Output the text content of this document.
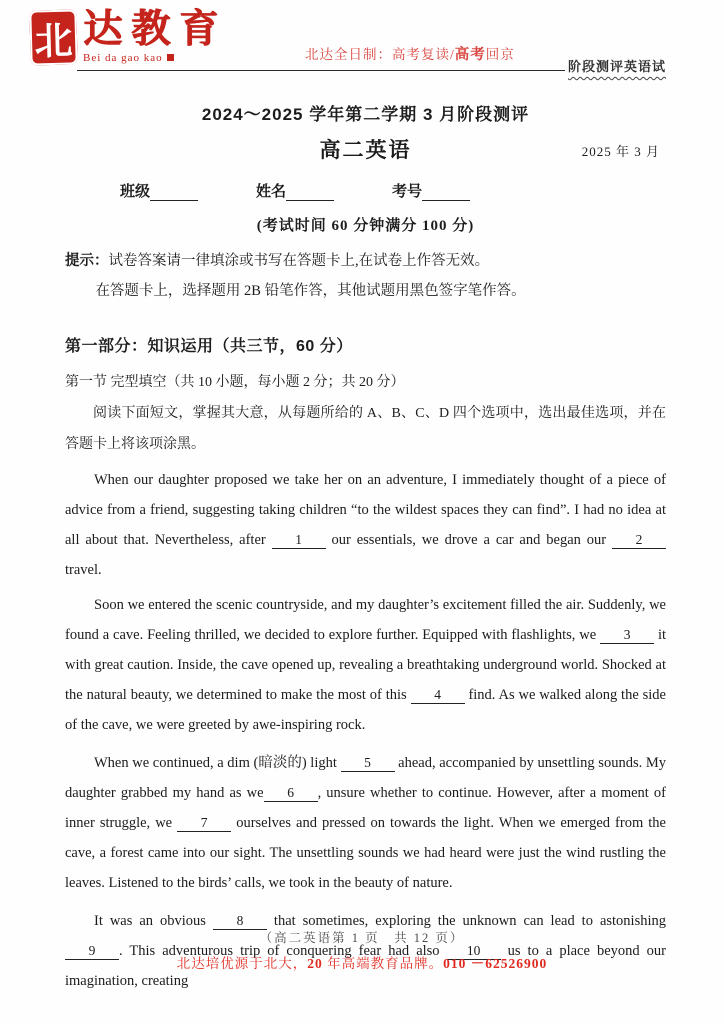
北 达教育
Bei da gao kao	北达全日制：高考复读/高考回京
阶段测评英语试
2024～2025 学年第二学期 3 月阶段测评
高二英语	2025 年 3 月
班级	姓名	考号
(考试时间 60 分钟满分 100 分)
提示：试卷答案请一律填涂或书写在答题卡上,在试卷上作答无效。
在答题卡上，选择题用 2B 铅笔作答，其他试题用黑色签字笔作答。
第一部分：知识运用（共三节，60 分）
第一节 完型填空（共 10 小题，每小题 2 分；共 20 分）
阅读下面短文，掌握其大意，从每题所给的 A、B、C、D 四个选项中，选出最佳选项，并在答题卡上将该项涂黑。

When our daughter proposed we take her on an adventure, I immediately thought of a piece of advice from a friend, suggesting taking children “to the wildest spaces they can find”. I had no idea at all about that. Nevertheless, after 1 our essentials, we drove a car and began our 2 travel.

Soon we entered the scenic countryside, and my daughter’s excitement filled the air. Suddenly, we found a cave. Feeling thrilled, we decided to explore further. Equipped with flashlights, we 3 it with great caution. Inside, the cave opened up, revealing a breathtaking underground world. Shocked at the natural beauty, we determined to make the most of this 4 find. As we walked along the side of the cave, we were greeted by awe-inspiring rock.

When we continued, a dim (暗淡的) light 5 ahead, accompanied by unsettling sounds. My daughter grabbed my hand as we 6 , unsure whether to continue. However, after a moment of inner struggle, we 7 ourselves and pressed on towards the light. When we emerged from the cave, a forest came into our sight. The unsettling sounds we had heard were just the wind rustling the leaves. Listened to the birds’ calls, we took in the beauty of nature.

It was an obvious 8 that sometimes, exploring the unknown can lead to astonishing 9 . This adventurous trip of conquering fear had also 10 us to a place beyond our imagination, creating

（高二英语第 1 页　共 12 页）
北达培优源于北大，20 年高端教育品牌。010 －62526900
